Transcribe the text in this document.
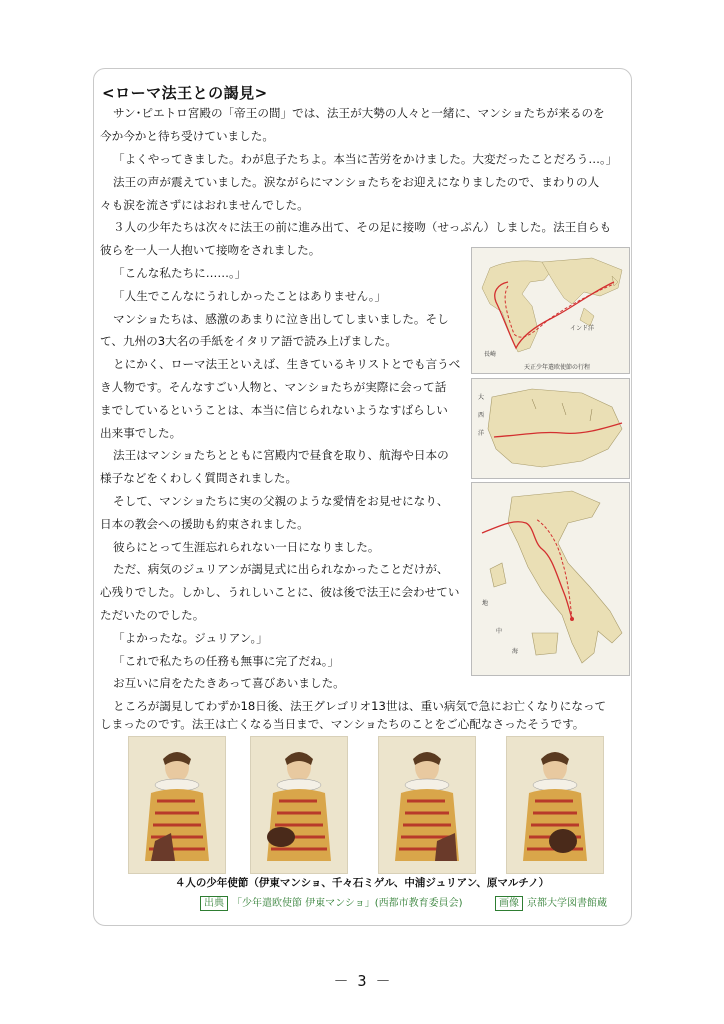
<ローマ法王との謁見>
サン･ピエトロ宮殿の「帝王の間」では、法王が大勢の人々と一緒に、マンショたちが来るのを
今か今かと待ち受けていました。
「よくやってきました。わが息子たちよ。本当に苦労をかけました。大変だったことだろう…。」
法王の声が震えていました。涙ながらにマンショたちをお迎えになりましたので、まわりの人
々も涙を流さずにはおれませんでした。
３人の少年たちは次々に法王の前に進み出て、その足に接吻（せっぷん）しました。法王自らも
彼らを一人一人抱いて接吻をされました。
「こんな私たちに……。」
「人生でこんなにうれしかったことはありません。」
マンショたちは、感激のあまりに泣き出してしまいました。そし
て、九州の3大名の手紙をイタリア語で読み上げました。
とにかく、ローマ法王といえば、生きているキリストとでも言うべ
き人物です。そんなすごい人物と、マンショたちが実際に会って話
までしているということは、本当に信じられないようなすばらしい
出来事でした。
法王はマンショたちとともに宮殿内で昼食を取り、航海や日本の
様子などをくわしく質問されました。
そして、マンショたちに実の父親のような愛情をお見せになり、
日本の教会への援助も約束されました。
彼らにとって生涯忘れられない一日になりました。
ただ、病気のジュリアンが謁見式に出られなかったことだけが、
心残りでした。しかし、うれしいことに、彼は後で法王に会わせてい
ただいたのでした。
「よかったな。ジュリアン。」
「これで私たちの任務も無事に完了だね。」
お互いに肩をたたきあって喜びあいました。
ところが謁見してわずか18日後、法王グレゴリオ13世は、重い病気で急にお亡くなりになって
しまったのです。法王は亡くなる当日まで、マンショたちのことをご心配なさったそうです。
長崎
インド洋
天正少年遣欧使節の行程
大
西
洋
地
中
海
４人の少年使節（伊東マンショ、千々石ミゲル、中浦ジュリアン、原マルチノ）
出典 「少年遣欧使節 伊東マンショ」(西都市教育委員会)	画像 京都大学図書館蔵
－ 3 －
